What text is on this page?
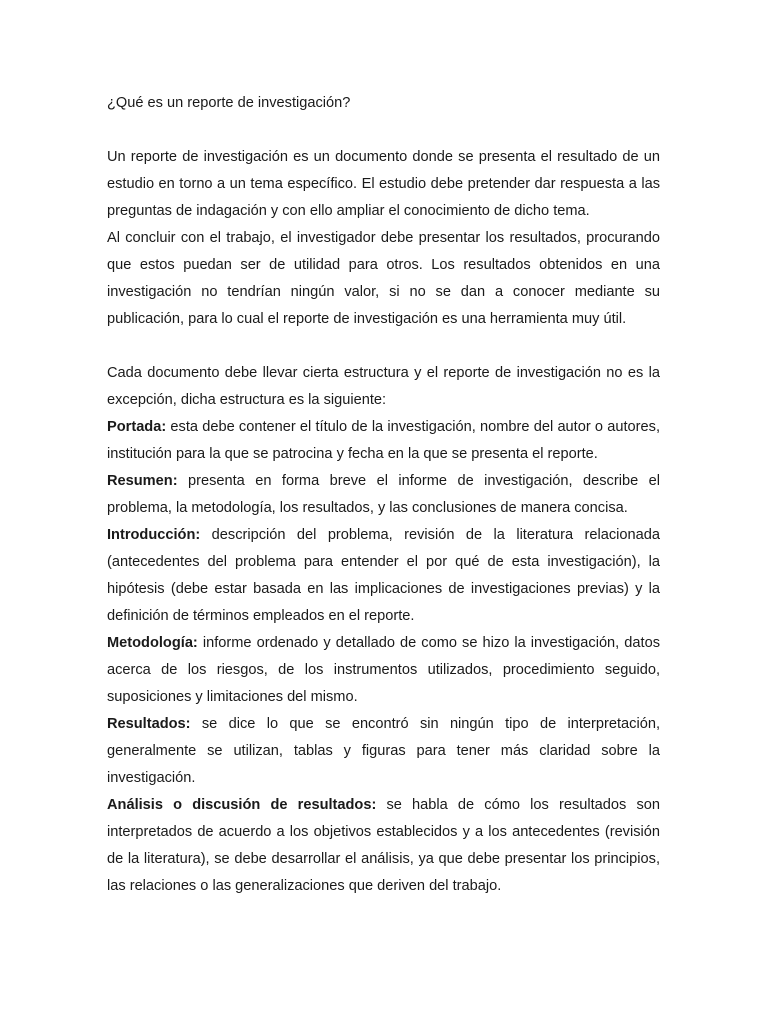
¿Qué es un reporte de investigación?

Un reporte de investigación es un documento donde se presenta el resultado de un estudio en torno a un tema específico. El estudio debe pretender dar respuesta a las preguntas de indagación y con ello ampliar el conocimiento de dicho tema.

Al concluir con el trabajo, el investigador debe presentar los resultados, procurando que estos puedan ser de utilidad para otros. Los resultados obtenidos en una investigación no tendrían ningún valor, si no se dan a conocer mediante su publicación, para lo cual el reporte de investigación es una herramienta muy útil.

Cada documento debe llevar cierta estructura y el reporte de investigación no es la excepción, dicha estructura es la siguiente:

Portada: esta debe contener el título de la investigación, nombre del autor o autores, institución para la que se patrocina y fecha en la que se presenta el reporte.

Resumen: presenta en forma breve el informe de investigación, describe el problema, la metodología, los resultados, y las conclusiones de manera concisa.

Introducción: descripción del problema, revisión de la literatura relacionada (antecedentes del problema para entender el por qué de esta investigación), la hipótesis (debe estar basada en las implicaciones de investigaciones previas) y la definición de términos empleados en el reporte.

Metodología: informe ordenado y detallado de como se hizo la investigación, datos acerca de los riesgos, de los instrumentos utilizados, procedimiento seguido, suposiciones y limitaciones del mismo.

Resultados: se dice lo que se encontró sin ningún tipo de interpretación, generalmente se utilizan, tablas y figuras para tener más claridad sobre la investigación.

Análisis o discusión de resultados: se habla de cómo los resultados son interpretados de acuerdo a los objetivos establecidos y a los antecedentes (revisión de la literatura), se debe desarrollar el análisis, ya que debe presentar los principios, las relaciones o las generalizaciones que deriven del trabajo.
